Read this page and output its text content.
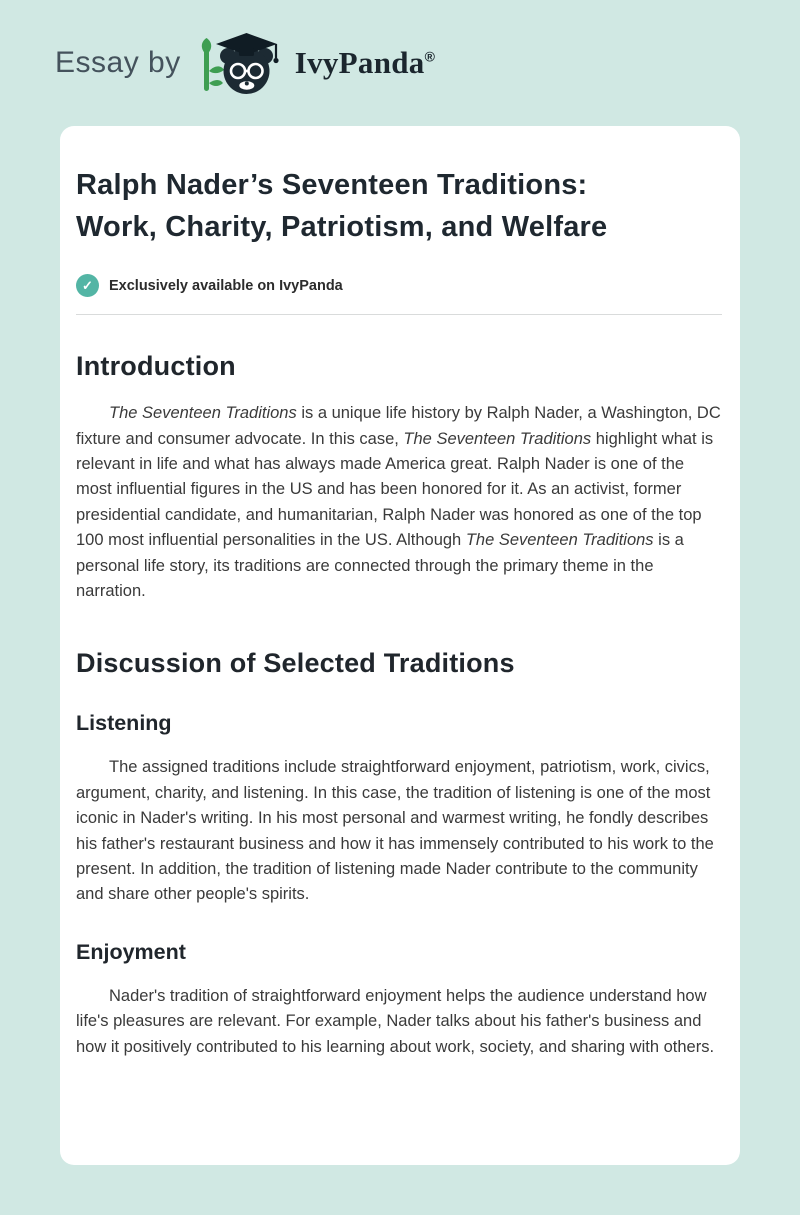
Essay by	IvyPanda®
Ralph Nader’s Seventeen Traditions:
Work, Charity, Patriotism, and Welfare
✓	Exclusively available on IvyPanda
Introduction

The Seventeen Traditions is a unique life history by Ralph Nader, a Washington, DC fixture and consumer advocate. In this case, The Seventeen Traditions highlight what is relevant in life and what has always made America great. Ralph Nader is one of the most influential figures in the US and has been honored for it. As an activist, former presidential candidate, and humanitarian, Ralph Nader was honored as one of the top 100 most influential personalities in the US. Although The Seventeen Traditions is a personal life story, its traditions are connected through the primary theme in the narration.

Discussion of Selected Traditions
Listening

The assigned traditions include straightforward enjoyment, patriotism, work, civics, argument, charity, and listening. In this case, the tradition of listening is one of the most iconic in Nader's writing. In his most personal and warmest writing, he fondly describes his father's restaurant business and how it has immensely contributed to his work to the present. In addition, the tradition of listening made Nader contribute to the community and share other people's spirits.

Enjoyment

Nader's tradition of straightforward enjoyment helps the audience understand how life's pleasures are relevant. For example, Nader talks about his father's business and how it positively contributed to his learning about work, society, and sharing with others.
